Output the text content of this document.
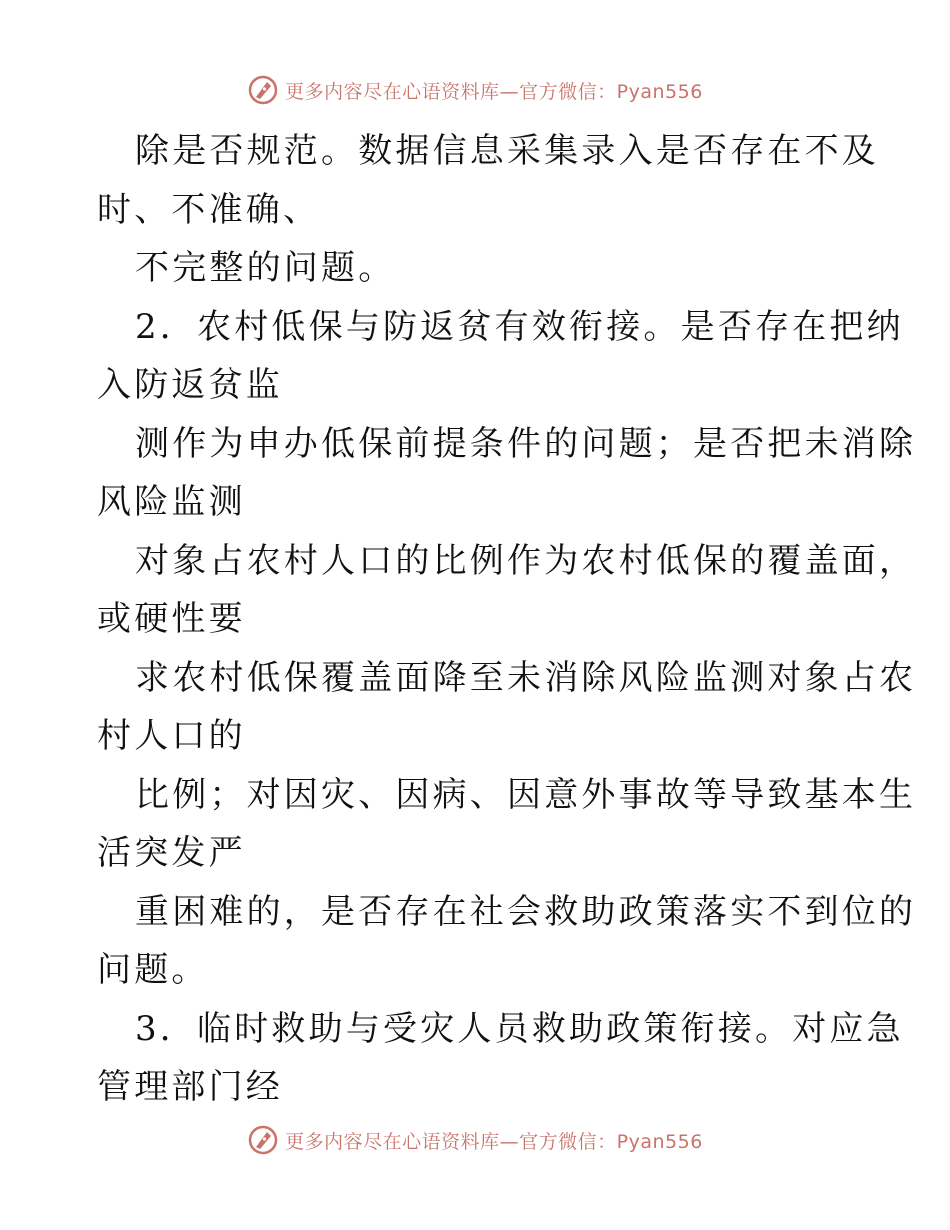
更多内容尽在心语资料库—官方微信：Pyan556
除是否规范。数据信息采集录入是否存在不及
时、不准确、
不完整的问题。
2．农村低保与防返贫有效衔接。是否存在把纳
入防返贫监
测作为申办低保前提条件的问题；是否把未消除
风险监测
对象占农村人口的比例作为农村低保的覆盖面，
或硬性要
求农村低保覆盖面降至未消除风险监测对象占农
村人口的
比例；对因灾、因病、因意外事故等导致基本生
活突发严
重困难的，是否存在社会救助政策落实不到位的
问题。
3．临时救助与受灾人员救助政策衔接。对应急
管理部门经
更多内容尽在心语资料库—官方微信：Pyan556
